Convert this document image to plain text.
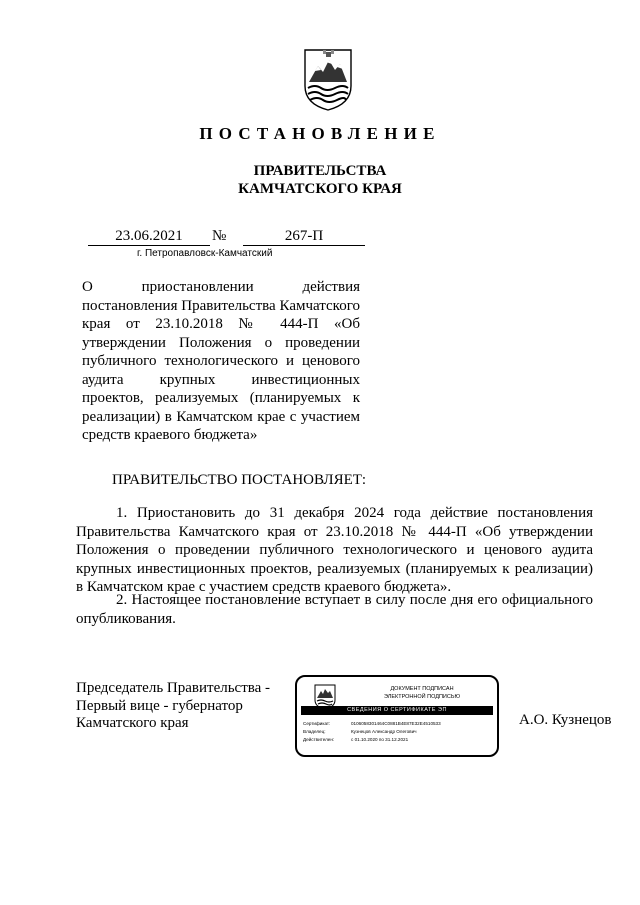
ПОСТАНОВЛЕНИЕ
ПРАВИТЕЛЬСТВА
КАМЧАТСКОГО КРАЯ
23.06.2021	№	267-П
г. Петропавловск-Камчатский
О приостановлении действия постановления Правительства Камчатского края от 23.10.2018 № 444-П «Об утверждении Положения о проведении публичного технологического и ценового аудита крупных инвестиционных проектов, реализуемых (планируемых к реализации) в Камчатском крае с участием средств краевого бюджета»
ПРАВИТЕЛЬСТВО ПОСТАНОВЛЯЕТ:
1. Приостановить до 31 декабря 2024 года действие постановления Правительства Камчатского края от 23.10.2018 № 444-П «Об утверждении Положения о проведении публичного технологического и ценового аудита крупных инвестиционных проектов, реализуемых (планируемых к реализации) в Камчатском крае с участием средств краевого бюджета».
2. Настоящее постановление вступает в силу после дня его официального опубликования.
Председатель Правительства -
Первый вице - губернатор
Камчатского края
ДОКУМЕНТ ПОДПИСАН
ЭЛЕКТРОННОЙ ПОДПИСЬЮ
СВЕДЕНИЯ О СЕРТИФИКАТЕ ЭП
Сертификат:	0106058301464C0881B4E87E32E4510533
Владелец:	Кузнецов Александр Олегович
Действителен:	с 01.10.2020 по 31.12.2021
А.О. Кузнецов
